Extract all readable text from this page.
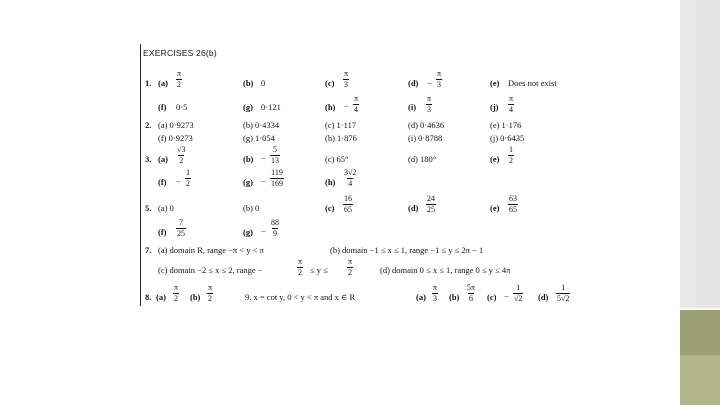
EXERCISES 26(b)
1. $(a) \frac{\pi}{2}$	(b) 0	$(c) \frac{\pi}{3}$	$(d) - \frac{\pi}{3}$	(e) Does not exist
(f) 0·5	(g) 0·121	$(h) - \frac{\pi}{4}$	$(i) \frac{\pi}{3}$	$(j) \frac{\pi}{4}$
2. (a) 0·9273	(b) 0·4334	(c) 1·117	(d) 0·4636	(e) 1·176
(f) 0·9273	(g) 1·054	(h) 1·876	(i) 0·8788	(j) 0·6435
3. $(a) \frac{√3}{2}$	$(b) - \frac{5}{13}$	(c) 65°	(d) 180°	$(e) \frac{1}{2}$
$(f) - \frac{1}{2}$	$(g) - \frac{119}{169}$	$(h) \frac{3√2}{4}$
5. (a) 0	(b) 0	$(c) \frac{16}{65}$	$(d) \frac{24}{25}$	$(e) \frac{63}{65}$
$(f) \frac{7}{25}$	$(g) - \frac{88}{9}$
7. (a) domain R, range −π < y < π	(b) domain −1 ≤ x ≤ 1, range −1 ≤ y ≤ 2π − 1
(c) domain −2 ≤ x ≤ 2, range −	$\frac{\pi}{2} \le y \le \frac{\pi}{2}$	(d) domain 0 ≤ x ≤ 1, range 0 ≤ y ≤ 4π
8. $(a) \frac{\pi}{2} (b) \frac{\pi}{2}$	9. x = cot y, 0 < y < π and x ∈ R	$(a) \frac{\pi}{3} (b) \frac{5\pi}{6} (c) - \frac{1}{√2} (d) \frac{1}{5√2}$
